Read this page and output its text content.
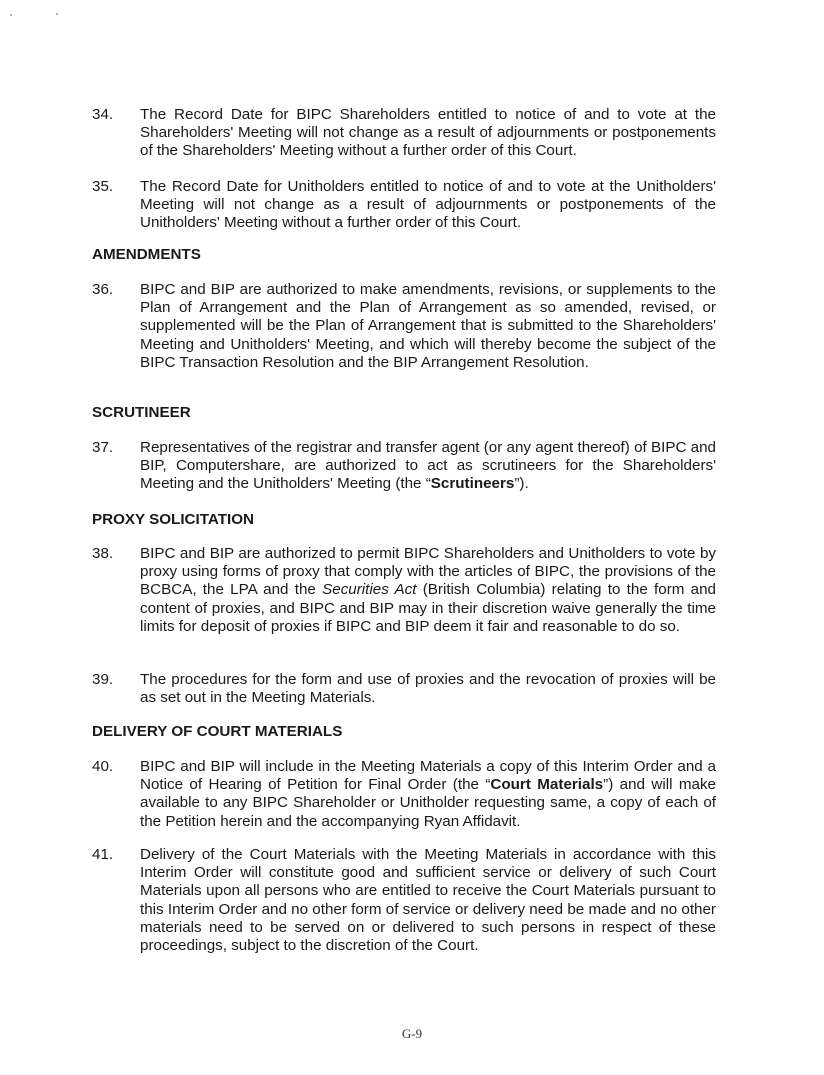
34.	The Record Date for BIPC Shareholders entitled to notice of and to vote at the Shareholders' Meeting will not change as a result of adjournments or postponements of the Shareholders' Meeting without a further order of this Court.
35.	The Record Date for Unitholders entitled to notice of and to vote at the Unitholders' Meeting will not change as a result of adjournments or postponements of the Unitholders' Meeting without a further order of this Court.
AMENDMENTS
36.	BIPC and BIP are authorized to make amendments, revisions, or supplements to the Plan of Arrangement and the Plan of Arrangement as so amended, revised, or supplemented will be the Plan of Arrangement that is submitted to the Shareholders' Meeting and Unitholders' Meeting, and which will thereby become the subject of the BIPC Transaction Resolution and the BIP Arrangement Resolution.
SCRUTINEER
37.	Representatives of the registrar and transfer agent (or any agent thereof) of BIPC and BIP, Computershare, are authorized to act as scrutineers for the Shareholders' Meeting and the Unitholders' Meeting (the “Scrutineers”).
PROXY SOLICITATION
38.	BIPC and BIP are authorized to permit BIPC Shareholders and Unitholders to vote by proxy using forms of proxy that comply with the articles of BIPC, the provisions of the BCBCA, the LPA and the Securities Act (British Columbia) relating to the form and content of proxies, and BIPC and BIP may in their discretion waive generally the time limits for deposit of proxies if BIPC and BIP deem it fair and reasonable to do so.
39.	The procedures for the form and use of proxies and the revocation of proxies will be as set out in the Meeting Materials.
DELIVERY OF COURT MATERIALS
40.	BIPC and BIP will include in the Meeting Materials a copy of this Interim Order and a Notice of Hearing of Petition for Final Order (the “Court Materials”) and will make available to any BIPC Shareholder or Unitholder requesting same, a copy of each of the Petition herein and the accompanying Ryan Affidavit.
41.	Delivery of the Court Materials with the Meeting Materials in accordance with this Interim Order will constitute good and sufficient service or delivery of such Court Materials upon all persons who are entitled to receive the Court Materials pursuant to this Interim Order and no other form of service or delivery need be made and no other materials need to be served on or delivered to such persons in respect of these proceedings, subject to the discretion of the Court.
G-9
